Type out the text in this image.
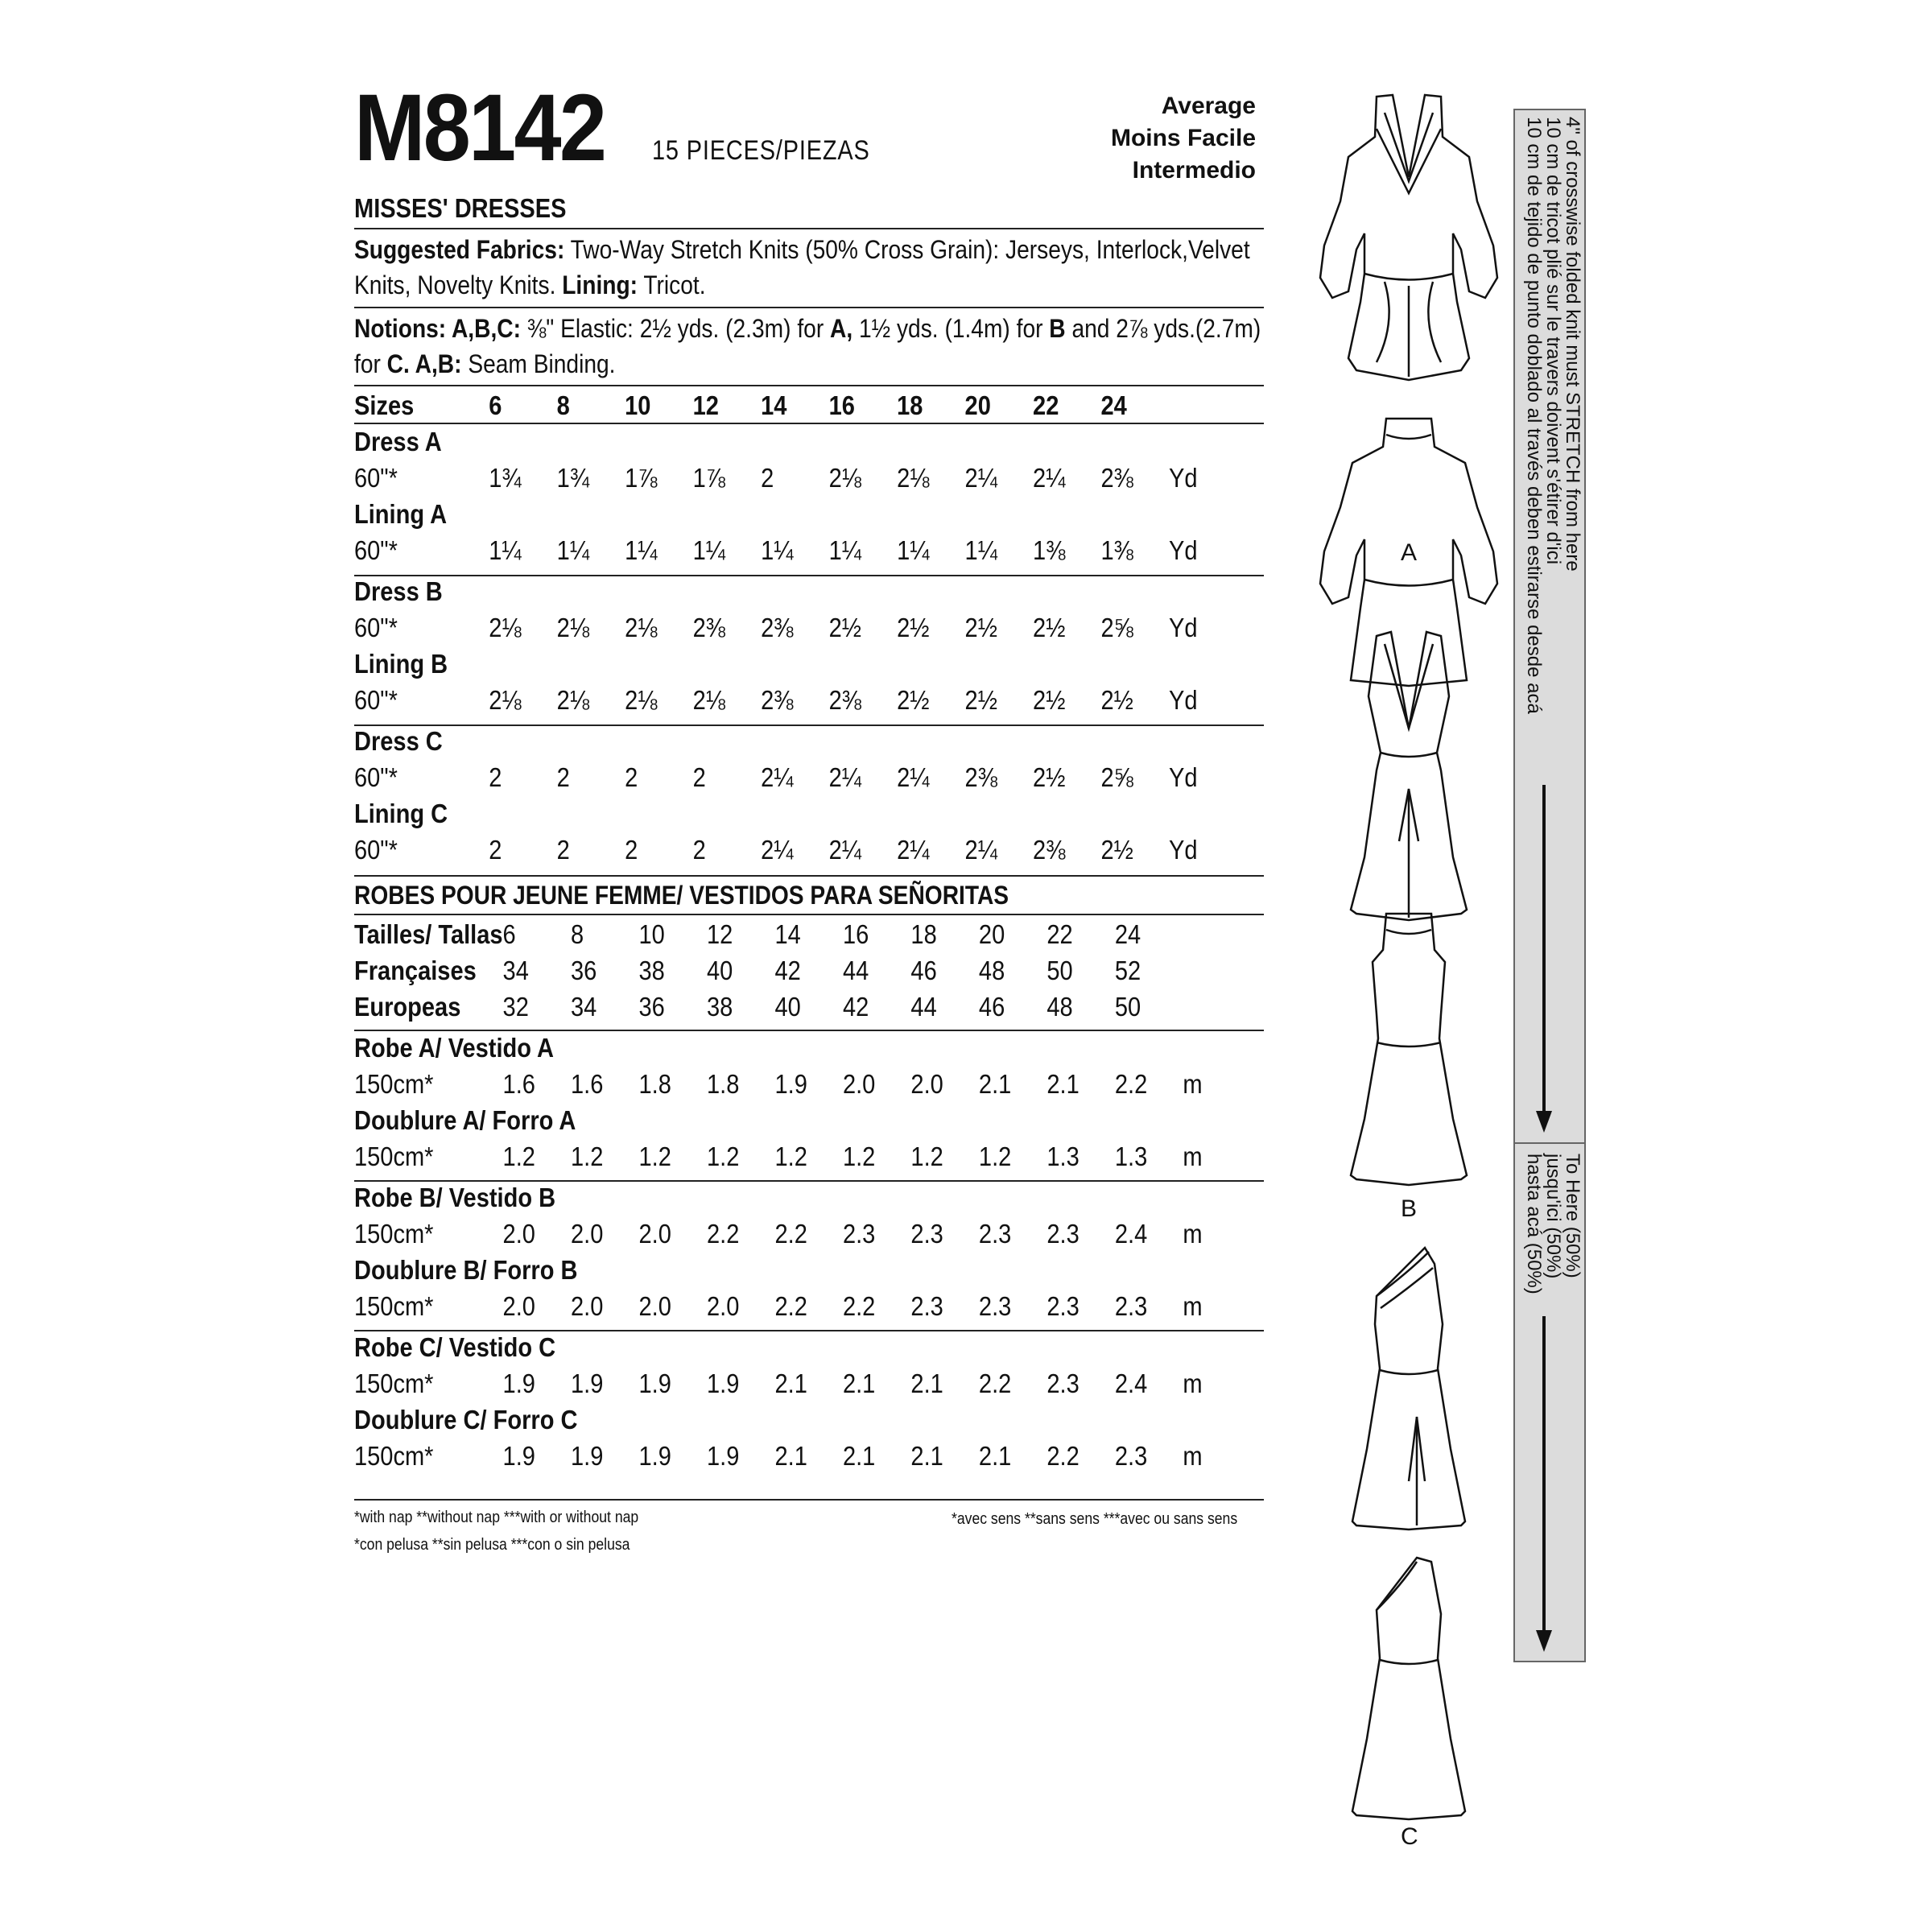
M8142 15 PIECES/PIEZAS
Average
Moins Facile
Intermedio
MISSES' DRESSES
Suggested Fabrics: Two-Way Stretch Knits (50% Cross Grain): Jerseys, Interlock,Velvet Knits, Novelty Knits. Lining: Tricot.
Notions: A,B,C: ⅜" Elastic: 2½ yds. (2.3m) for A, 1½ yds. (1.4m) for B and 2⅞ yds.(2.7m) for C. A,B: Seam Binding.
Sizes	6	8	10	12	14	16	18	20	22	24	
Dress A											
60"*	1¾	1¾	1⅞	1⅞	2	2⅛	2⅛	2¼	2¼	2⅜	Yd

Lining A											
60"*	1¼	1¼	1¼	1¼	1¼	1¼	1¼	1¼	1⅜	1⅜	Yd

Dress B											
60"*	2⅛	2⅛	2⅛	2⅜	2⅜	2½	2½	2½	2½	2⅝	Yd

Lining B											
60"*	2⅛	2⅛	2⅛	2⅛	2⅜	2⅜	2½	2½	2½	2½	Yd

Dress C											
60"*	2	2	2	2	2¼	2¼	2¼	2⅜	2½	2⅝	Yd

Lining C											
60"*	2	2	2	2	2¼	2¼	2¼	2¼	2⅜	2½	Yd

ROBES POUR JEUNE FEMME/ VESTIDOS PARA SEÑORITAS
Tailles/ Tallas	6	8	10	12	14	16	18	20	22	24	
Françaises	34	36	38	40	42	44	46	48	50	52	
Europeas	32	34	36	38	40	42	44	46	48	50	

Robe A/ Vestido A											
150cm*	1.6	1.6	1.8	1.8	1.9	2.0	2.0	2.1	2.1	2.2	m

Doublure A/ Forro A											
150cm*	1.2	1.2	1.2	1.2	1.2	1.2	1.2	1.2	1.3	1.3	m

Robe B/ Vestido B											
150cm*	2.0	2.0	2.0	2.2	2.2	2.3	2.3	2.3	2.3	2.4	m

Doublure B/ Forro B											
150cm*	2.0	2.0	2.0	2.0	2.2	2.2	2.3	2.3	2.3	2.3	m

Robe C/ Vestido C											
150cm*	1.9	1.9	1.9	1.9	2.1	2.1	2.1	2.2	2.3	2.4	m

Doublure C/ Forro C											
150cm*	1.9	1.9	1.9	1.9	2.1	2.1	2.1	2.1	2.2	2.3	m

*with nap **without nap ***with or without nap
*con pelusa **sin pelusa ***con o sin pelusa
*avec sens **sans sens ***avec ou sans sens
A
B
C
4" of crosswise folded knit must STRETCH from here
10 cm de tricot plié sur le travers doivent s'étirer d'ici
10 cm de tejido de punto doblado al través deben estirarse desde acá
To Here (50%)
jusqu'ici (50%)
hasta acá (50%)
